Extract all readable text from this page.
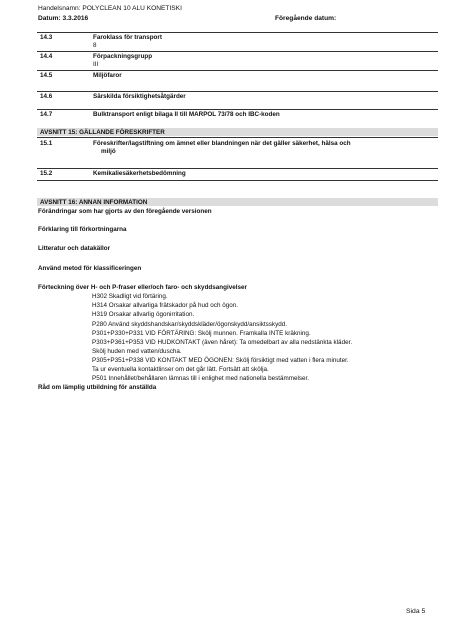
Handelsnamn: POLYCLEAN 10 ALU KONETISKI
Datum: 3.3.2016	Föregående datum:
14.3	Faroklass för transport
8
14.4	Förpackningsgrupp
III
14.5	Miljöfaror
14.6	Särskilda försiktighetsåtgärder
14.7	Bulktransport enligt bilaga II till MARPOL 73/78 och IBC-koden
AVSNITT 15: GÄLLANDE FÖRESKRIFTER
15.1	Föreskrifter/lagstiftning om ämnet eller blandningen när det gäller säkerhet, hälsa och
miljö
15.2	Kemikaliesäkerhetsbedömning
AVSNITT 16: ANNAN INFORMATION
Förändringar som har gjorts av den föregående versionen
Förklaring till förkortningarna
Litteratur och datakällor
Använd metod för klassificeringen
Förteckning över H- och P-fraser eller/och faro- och skyddsangivelser
H302 Skadligt vid förtäring.
H314 Orsakar allvarliga frätskador på hud och ögon.
H319 Orsakar allvarlig ögonirritation.
P280 Använd skyddshandskar/skyddskläder/ögonskydd/ansiktsskydd.
P301+P330+P331 VID FÖRTÄRING: Skölj munnen. Framkalla INTE kräkning.
P303+P361+P353 VID HUDKONTAKT (även håret): Ta omedelbart av alla nedstänkta kläder.
Skölj huden med vatten/duscha.
P305+P351+P338 VID KONTAKT MED ÖGONEN: Skölj försiktigt med vatten i flera minuter.
Ta ur eventuella kontaktlinser om det går lätt. Fortsätt att skölja.
P501 Innehållet/behållaren lämnas till i enlighet med nationella bestämmelser.
Råd om lämplig utbildning för anställda
Sida 5
